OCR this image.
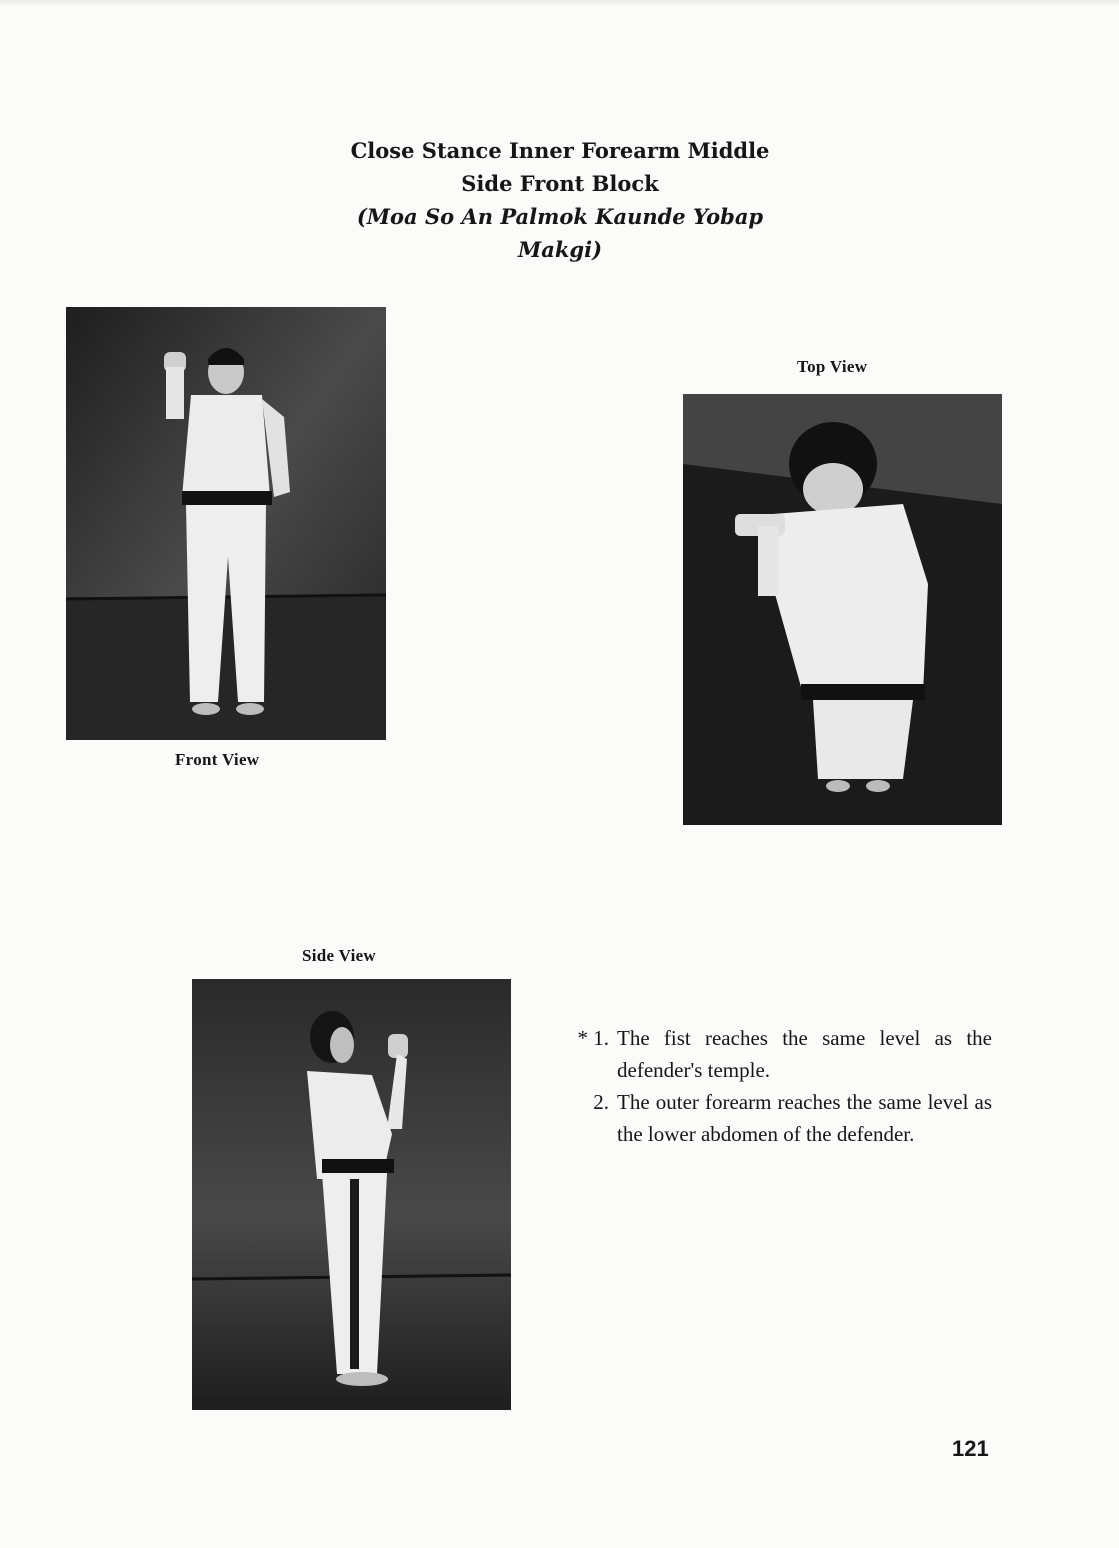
Close Stance Inner Forearm Middle
Side Front Block
(Moa So An Palmok Kaunde Yobap
Makgi)
Front View
Top View
Side View
* 1. The fist reaches the same level as the defender's temple.
2. The outer forearm reaches the same level as the lower abdomen of the defender.
121
